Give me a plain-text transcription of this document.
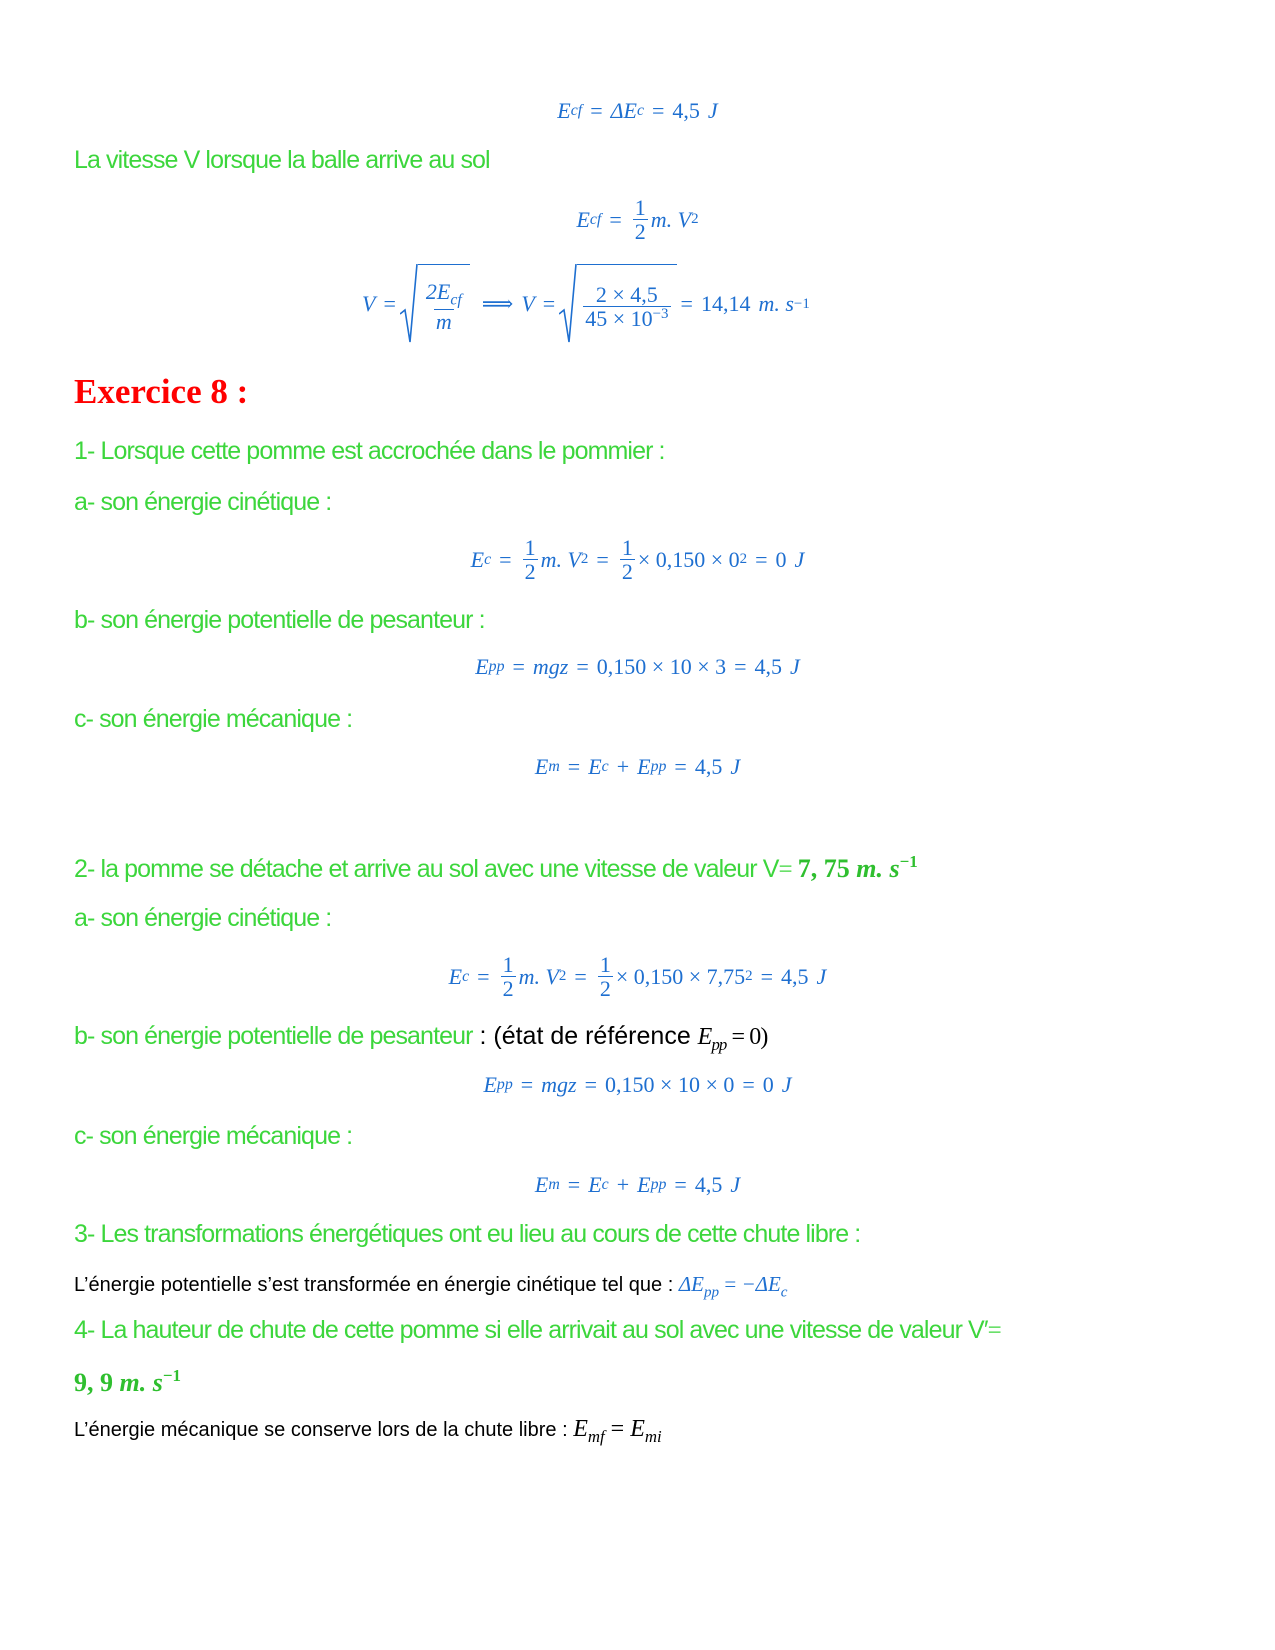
E cf = ΔE c = 4,5 J
La vitesse V lorsque la balle arrive au sol
E cf = $\frac{1}{2} m$. V 2
$V = \frac{2E_{cf}}{m}$ ⟹ $V = \frac{2 \times 4,5}{45 \times 10^{-3}} = 14,14$ m. s −1
Exercice 8 :
1- Lorsque cette pomme est accrochée dans le pommier :
a- son énergie cinétique :
E $c = \frac{1}{2} m$. V $2 = \frac{1}{2} \times 0,150 \times 0$ 2 = 0 J
b- son énergie potentielle de pesanteur :
E pp = mgz = 0,150 × 10 × 3 = 4,5 J
c- son énergie mécanique :
E m = E c + E pp = 4,5 J
2- la pomme se détache et arrive au sol avec une vitesse de valeur V= 7, 75 m. $s^{-1}$
a- son énergie cinétique :
E $c = \frac{1}{2} m$. V $2 = \frac{1}{2} \times 0,150 \times 7,75$ 2 = 4,5 J
b- son énergie potentielle de pesanteur : (état de référence $E_{pp} = 0$)
E pp = mgz = 0,150 × 10 × 0 = 0 J
c- son énergie mécanique :
E m = E c + E pp = 4,5 J
3- Les transformations énergétiques ont eu lieu au cours de cette chute libre :
L’énergie potentielle s’est transformée en énergie cinétique tel que : $\Delta E_{pp} = -\Delta E_c$
4- La hauteur de chute de cette pomme si elle arrivait au sol avec une vitesse de valeur V′=
9, 9 m. $s^{-1}$
L’énergie mécanique se conserve lors de la chute libre : $E_{mf} = E_{mi}$
